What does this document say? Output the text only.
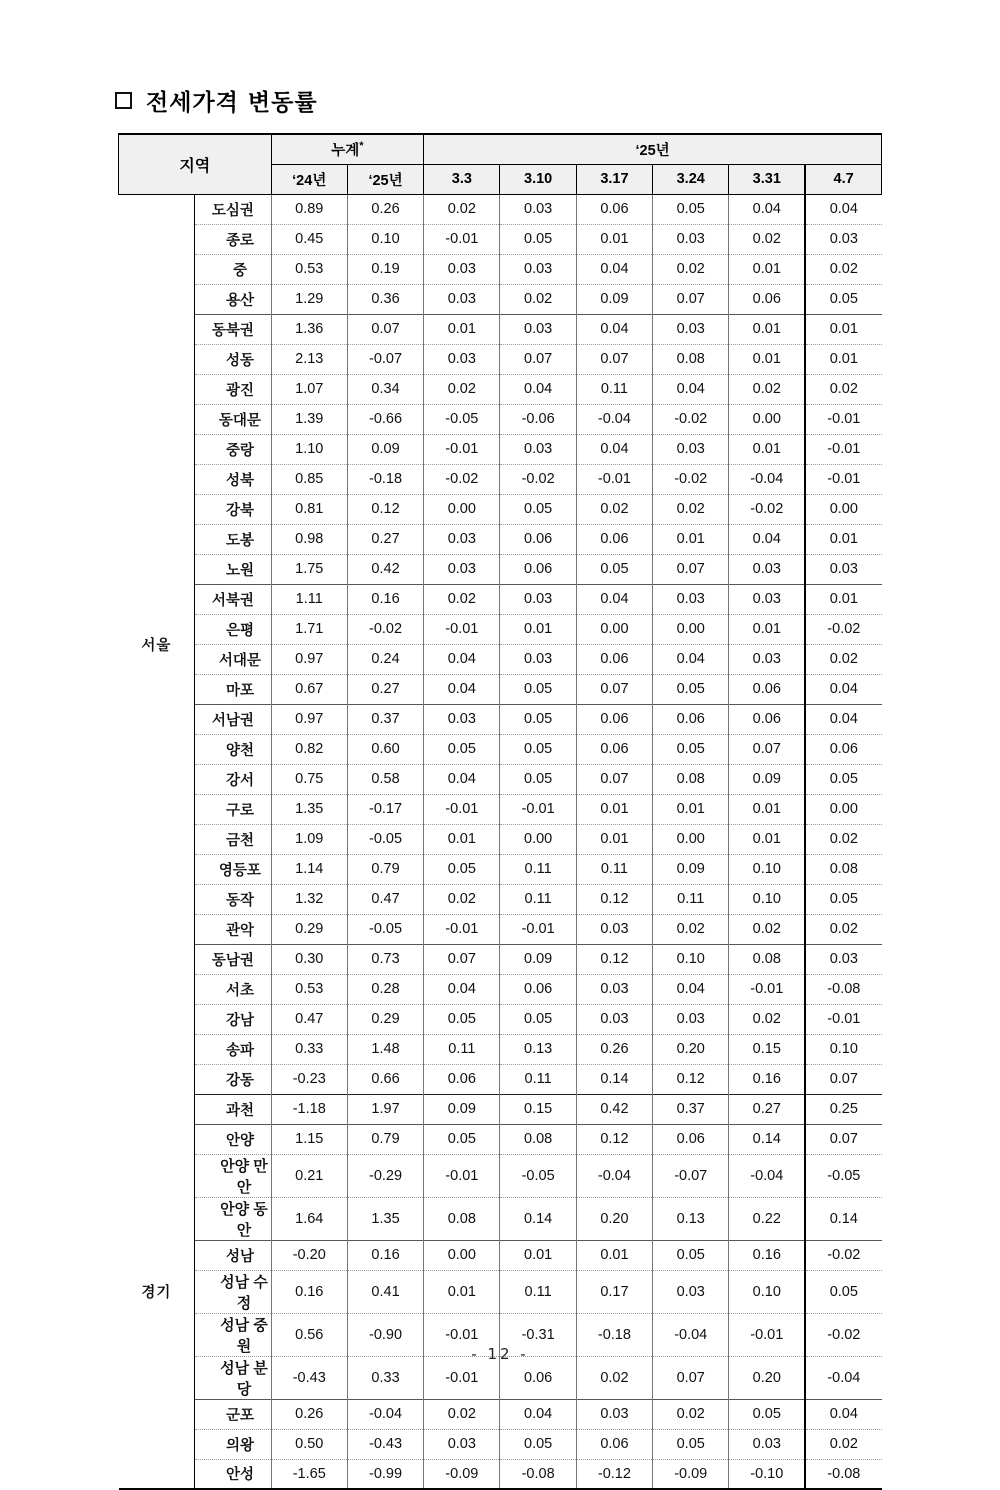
전세가격 변동률
지역		누계*		‘25년					
		‘24년	‘25년	3.3	3.10	3.17	3.24	3.31	4.7
서울	도심권	0.89	0.26	0.02	0.03	0.06	0.05	0.04	0.04
	종로	0.45	0.10	-0.01	0.05	0.01	0.03	0.02	0.03
	중	0.53	0.19	0.03	0.03	0.04	0.02	0.01	0.02
	용산	1.29	0.36	0.03	0.02	0.09	0.07	0.06	0.05
	동북권	1.36	0.07	0.01	0.03	0.04	0.03	0.01	0.01
	성동	2.13	-0.07	0.03	0.07	0.07	0.08	0.01	0.01
	광진	1.07	0.34	0.02	0.04	0.11	0.04	0.02	0.02
	동대문	1.39	-0.66	-0.05	-0.06	-0.04	-0.02	0.00	-0.01
	중랑	1.10	0.09	-0.01	0.03	0.04	0.03	0.01	-0.01
	성북	0.85	-0.18	-0.02	-0.02	-0.01	-0.02	-0.04	-0.01
	강북	0.81	0.12	0.00	0.05	0.02	0.02	-0.02	0.00
	도봉	0.98	0.27	0.03	0.06	0.06	0.01	0.04	0.01
	노원	1.75	0.42	0.03	0.06	0.05	0.07	0.03	0.03
	서북권	1.11	0.16	0.02	0.03	0.04	0.03	0.03	0.01
	은평	1.71	-0.02	-0.01	0.01	0.00	0.00	0.01	-0.02
	서대문	0.97	0.24	0.04	0.03	0.06	0.04	0.03	0.02
	마포	0.67	0.27	0.04	0.05	0.07	0.05	0.06	0.04
	서남권	0.97	0.37	0.03	0.05	0.06	0.06	0.06	0.04
	양천	0.82	0.60	0.05	0.05	0.06	0.05	0.07	0.06
	강서	0.75	0.58	0.04	0.05	0.07	0.08	0.09	0.05
	구로	1.35	-0.17	-0.01	-0.01	0.01	0.01	0.01	0.00
	금천	1.09	-0.05	0.01	0.00	0.01	0.00	0.01	0.02
	영등포	1.14	0.79	0.05	0.11	0.11	0.09	0.10	0.08
	동작	1.32	0.47	0.02	0.11	0.12	0.11	0.10	0.05
	관악	0.29	-0.05	-0.01	-0.01	0.03	0.02	0.02	0.02
	동남권	0.30	0.73	0.07	0.09	0.12	0.10	0.08	0.03
	서초	0.53	0.28	0.04	0.06	0.03	0.04	-0.01	-0.08
	강남	0.47	0.29	0.05	0.05	0.03	0.03	0.02	-0.01
	송파	0.33	1.48	0.11	0.13	0.26	0.20	0.15	0.10
	강동	-0.23	0.66	0.06	0.11	0.14	0.12	0.16	0.07
경기	과천	-1.18	1.97	0.09	0.15	0.42	0.37	0.27	0.25
	안양	1.15	0.79	0.05	0.08	0.12	0.06	0.14	0.07
	안양 만안	0.21	-0.29	-0.01	-0.05	-0.04	-0.07	-0.04	-0.05
	안양 동안	1.64	1.35	0.08	0.14	0.20	0.13	0.22	0.14
	성남	-0.20	0.16	0.00	0.01	0.01	0.05	0.16	-0.02
	성남 수정	0.16	0.41	0.01	0.11	0.17	0.03	0.10	0.05
	성남 중원	0.56	-0.90	-0.01	-0.31	-0.18	-0.04	-0.01	-0.02
	성남 분당	-0.43	0.33	-0.01	0.06	0.02	0.07	0.20	-0.04
	군포	0.26	-0.04	0.02	0.04	0.03	0.02	0.05	0.04
	의왕	0.50	-0.43	0.03	0.05	0.06	0.05	0.03	0.02
	안성	-1.65	-0.99	-0.09	-0.08	-0.12	-0.09	-0.10	-0.08
- 12 -
